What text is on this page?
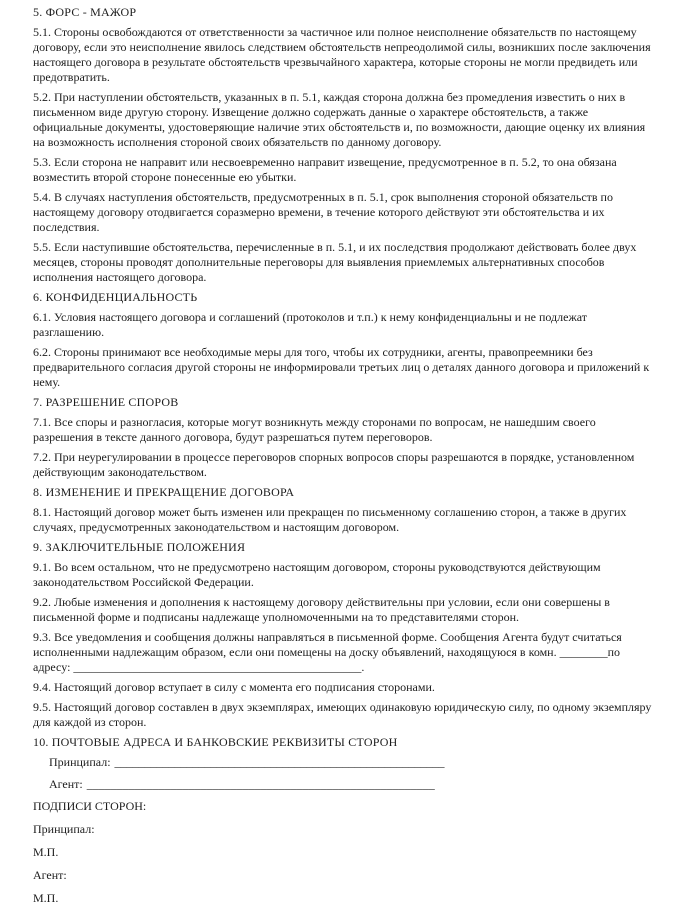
5. ФОРС - МАЖОР

5.1. Стороны освобождаются от ответственности за частичное или полное неисполнение обязательств по настоящему договору, если это неисполнение явилось следствием обстоятельств непреодолимой силы, возникших после заключения настоящего договора в результате обстоятельств чрезвычайного характера, которые стороны не могли предвидеть или предотвратить.

5.2. При наступлении обстоятельств, указанных в п. 5.1, каждая сторона должна без промедления известить о них в письменном виде другую сторону. Извещение должно содержать данные о характере обстоятельств, а также официальные документы, удостоверяющие наличие этих обстоятельств и, по возможности, дающие оценку их влияния на возможность исполнения стороной своих обязательств по данному договору.

5.3. Если сторона не направит или несвоевременно направит извещение, предусмотренное в п. 5.2, то она обязана возместить второй стороне понесенные ею убытки.

5.4. В случаях наступления обстоятельств, предусмотренных в п. 5.1, срок выполнения стороной обязательств по настоящему договору отодвигается соразмерно времени, в течение которого действуют эти обстоятельства и их последствия.

5.5. Если наступившие обстоятельства, перечисленные в п. 5.1, и их последствия продолжают действовать более двух месяцев, стороны проводят дополнительные переговоры для выявления приемлемых альтернативных способов исполнения настоящего договора.

6. КОНФИДЕНЦИАЛЬНОСТЬ

6.1. Условия настоящего договора и соглашений (протоколов и т.п.) к нему конфиденциальны и не подлежат разглашению.

6.2. Стороны принимают все необходимые меры для того, чтобы их сотрудники, агенты, правопреемники без предварительного согласия другой стороны не информировали третьих лиц о деталях данного договора и приложений к нему.

7. РАЗРЕШЕНИЕ СПОРОВ

7.1. Все споры и разногласия, которые могут возникнуть между сторонами по вопросам, не нашедшим своего разрешения в тексте данного договора, будут разрешаться путем переговоров.

7.2. При неурегулировании в процессе переговоров спорных вопросов споры разрешаются в порядке, установленном действующим законодательством.

8. ИЗМЕНЕНИЕ И ПРЕКРАЩЕНИЕ ДОГОВОРА

8.1. Настоящий договор может быть изменен или прекращен по письменному соглашению сторон, а также в других случаях, предусмотренных законодательством и настоящим договором.

9. ЗАКЛЮЧИТЕЛЬНЫЕ ПОЛОЖЕНИЯ

9.1. Во всем остальном, что не предусмотрено настоящим договором, стороны руководствуются действующим законодательством Российской Федерации.

9.2. Любые изменения и дополнения к настоящему договору действительны при условии, если они совершены в письменной форме и подписаны надлежаще уполномоченными на то представителями сторон.

9.3. Все уведомления и сообщения должны направляться в письменной форме. Сообщения Агента будут считаться исполненными надлежащим образом, если они помещены на доску объявлений, находящуюся в комн. ________по адресу: ________________________________________________.

9.4. Настоящий договор вступает в силу с момента его подписания сторонами.

9.5. Настоящий договор составлен в двух экземплярах, имеющих одинаковую юридическую силу, по одному экземпляру для каждой из сторон.

10. ПОЧТОВЫЕ АДРЕСА И БАНКОВСКИЕ РЕКВИЗИТЫ СТОРОН

Принципал: _______________________________________________________

Агент: __________________________________________________________

ПОДПИСИ СТОРОН:

Принципал:

М.П.

Агент:

М.П.
